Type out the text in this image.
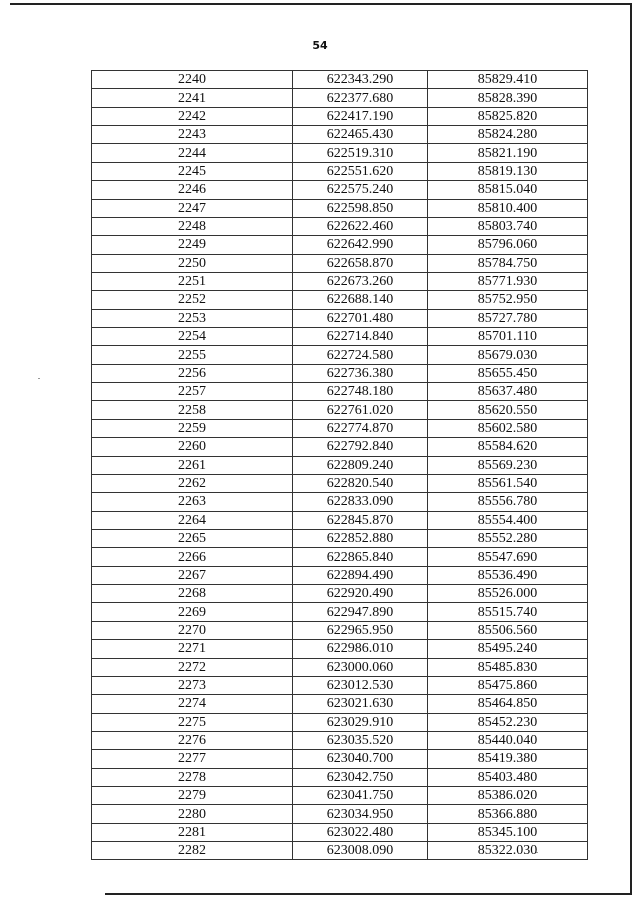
54
2240	622343.290	85829.410
2241	622377.680	85828.390
2242	622417.190	85825.820
2243	622465.430	85824.280
2244	622519.310	85821.190
2245	622551.620	85819.130
2246	622575.240	85815.040
2247	622598.850	85810.400
2248	622622.460	85803.740
2249	622642.990	85796.060
2250	622658.870	85784.750
2251	622673.260	85771.930
2252	622688.140	85752.950
2253	622701.480	85727.780
2254	622714.840	85701.110
2255	622724.580	85679.030
2256	622736.380	85655.450
2257	622748.180	85637.480
2258	622761.020	85620.550
2259	622774.870	85602.580
2260	622792.840	85584.620
2261	622809.240	85569.230
2262	622820.540	85561.540
2263	622833.090	85556.780
2264	622845.870	85554.400
2265	622852.880	85552.280
2266	622865.840	85547.690
2267	622894.490	85536.490
2268	622920.490	85526.000
2269	622947.890	85515.740
2270	622965.950	85506.560
2271	622986.010	85495.240
2272	623000.060	85485.830
2273	623012.530	85475.860
2274	623021.630	85464.850
2275	623029.910	85452.230
2276	623035.520	85440.040
2277	623040.700	85419.380
2278	623042.750	85403.480
2279	623041.750	85386.020
2280	623034.950	85366.880
2281	623022.480	85345.100
2282	623008.090	85322.030
